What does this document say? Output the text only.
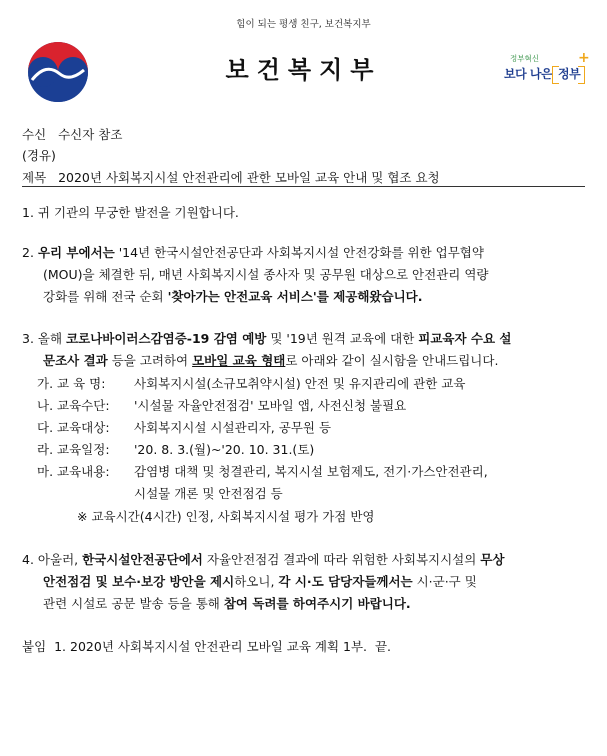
힘이 되는 평생 친구, 보건복지부
보건복지부	정부혁신
보다 나은 정부
+
수신 수신자 참조
(경유)
제목 2020년 사회복지시설 안전관리에 관한 모바일 교육 안내 및 협조 요청
1. 귀 기관의 무궁한 발전을 기원합니다.
2. 우리 부에서는 '14년 한국시설안전공단과 사회복지시설 안전강화를 위한 업무협약
(MOU)을 체결한 뒤, 매년 사회복지시설 종사자 및 공무원 대상으로 안전관리 역량
강화를 위해 전국 순회 '찾아가는 안전교육 서비스'를 제공해왔습니다.
3. 올해 코로나바이러스감염증-19 감염 예방 및 '19년 원격 교육에 대한 피교육자 수요 설
문조사 결과 등을 고려하여 모바일 교육 형태로 아래와 같이 실시함을 안내드립니다.
가. 교 육 명: 사회복지시설(소규모취약시설) 안전 및 유지관리에 관한 교육
나. 교육수단: '시설물 자율안전점검' 모바일 앱, 사전신청 불필요
다. 교육대상: 사회복지시설 시설관리자, 공무원 등
라. 교육일정: '20. 8. 3.(월)~'20. 10. 31.(토)
마. 교육내용: 감염병 대책 및 청결관리, 복지시설 보험제도, 전기·가스안전관리,
시설물 개론 및 안전점검 등
※ 교육시간(4시간) 인정, 사회복지시설 평가 가점 반영
4. 아울러, 한국시설안전공단에서 자율안전점검 결과에 따라 위험한 사회복지시설의 무상
안전점검 및 보수·보강 방안을 제시하오니, 각 시·도 담당자들께서는 시·군·구 및
관련 시설로 공문 발송 등을 통해 참여 독려를 하여주시기 바랍니다.
붙임 1. 2020년 사회복지시설 안전관리 모바일 교육 계획 1부. 끝.
